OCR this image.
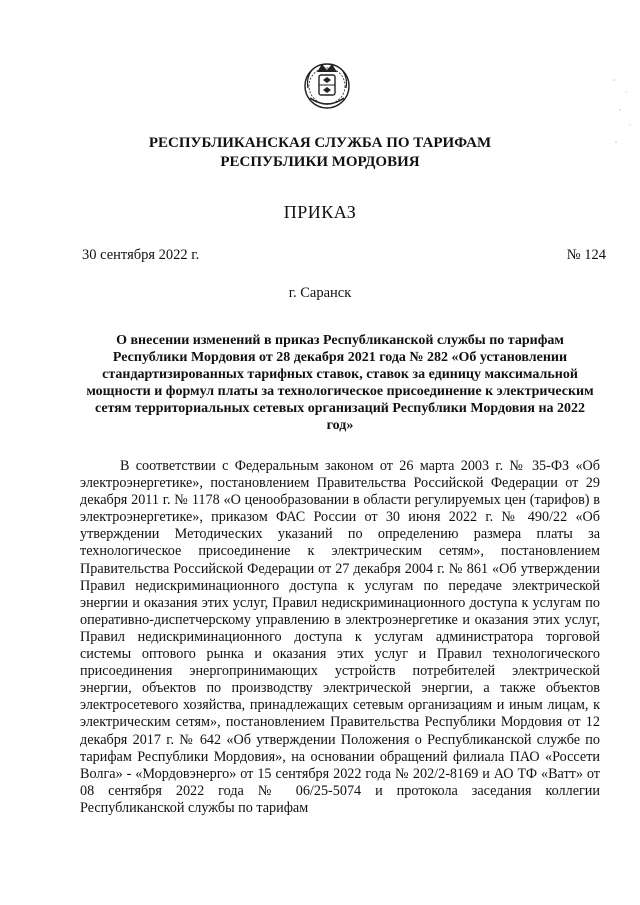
РЕСПУБЛИКАНСКАЯ СЛУЖБА ПО ТАРИФАМ
РЕСПУБЛИКИ МОРДОВИЯ
ПРИКАЗ
30 сентября 2022 г.	№ 124
г. Саранск
О внесении изменений в приказ Республиканской службы по тарифам Республики Мордовия от 28 декабря 2021 года № 282 «Об установлении стандартизированных тарифных ставок, ставок за единицу максимальной мощности и формул платы за технологическое присоединение к электрическим сетям территориальных сетевых организаций Республики Мордовия на 2022 год»

В соответствии с Федеральным законом от 26 марта 2003 г. № 35-ФЗ «Об электроэнергетике», постановлением Правительства Российской Федерации от 29 декабря 2011 г. № 1178 «О ценообразовании в области регулируемых цен (тарифов) в электроэнергетике», приказом ФАС России от 30 июня 2022 г. № 490/22 «Об утверждении Методических указаний по определению размера платы за технологическое присоединение к электрическим сетям», постановлением Правительства Российской Федерации от 27 декабря 2004 г. № 861 «Об утверждении Правил недискриминационного доступа к услугам по передаче электрической энергии и оказания этих услуг, Правил недискриминационного доступа к услугам по оперативно-диспетчерскому управлению в электроэнергетике и оказания этих услуг, Правил недискриминационного доступа к услугам администратора торговой системы оптового рынка и оказания этих услуг и Правил технологического присоединения энергопринимающих устройств потребителей электрической энергии, объектов по производству электрической энергии, а также объектов электросетевого хозяйства, принадлежащих сетевым организациям и иным лицам, к электрическим сетям», постановлением Правительства Республики Мордовия от 12 декабря 2017 г. № 642 «Об утверждении Положения о Республиканской службе по тарифам Республики Мордовия», на основании обращений филиала ПАО «Россети Волга» - «Мордовэнерго» от 15 сентября 2022 года № 202/2-8169 и АО ТФ «Ватт» от 08 сентября 2022 года № 06/25-5074 и протокола заседания коллегии Республиканской службы по тарифам
